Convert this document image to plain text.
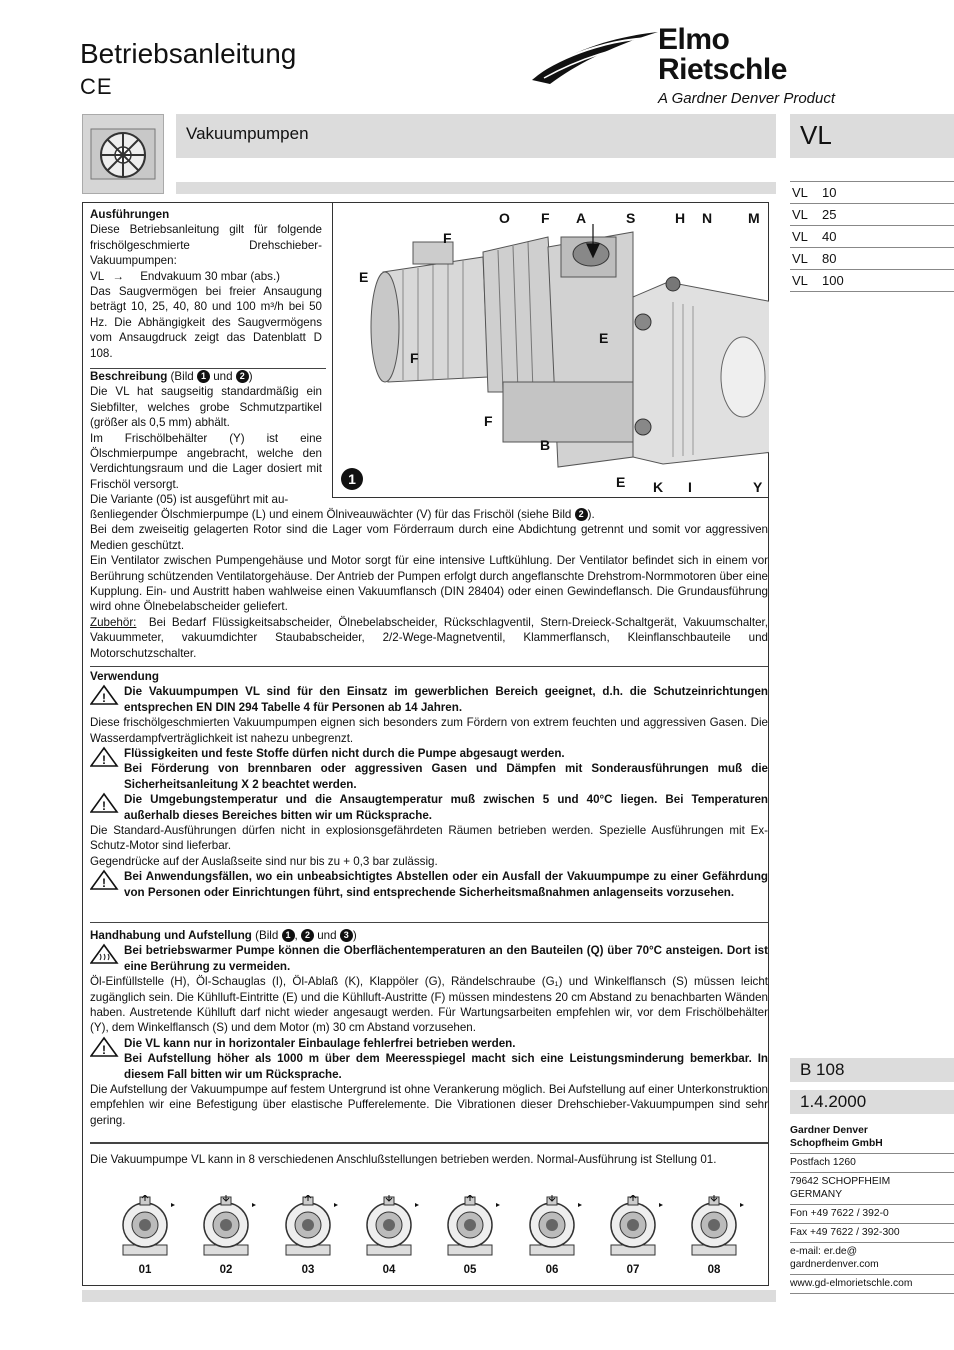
Betriebsanleitung
CE
Elmo
Rietschle
A Gardner Denver Product
Vakuumpumpen	VL
VL 10
VL 25
VL 40
VL 80
VL 100
Ausführungen
Diese Betriebsanleitung gilt für folgende frischölgeschmierte Drehschieber-Vakuumpumpen:
VL → Endvakuum 30 mbar (abs.)
Das Saugvermögen bei freier Ansaugung beträgt 10, 25, 40, 80 und 100 m³/h bei 50 Hz. Die Abhängigkeit des Saugvermögens vom Ansaugdruck zeigt das Datenblatt D 108.
Beschreibung (Bild 1 und 2 )
Die VL hat saugseitig standardmäßig ein Siebfilter, welches grobe Schmutzpartikel (größer als 0,5 mm) abhält.
Im Frischölbehälter (Y) ist eine Ölschmierpumpe angebracht, welche den Verdichtungsraum und die Lager dosiert mit Frischöl versorgt.
Die Variante (05) ist ausgeführt mit au-
O F A	S	H N	M
F
E
F
E
F
B
E K I	Y
1
ßenliegender Ölschmierpumpe (L) und einem Ölniveauwächter (V) für das Frischöl (siehe Bild 2 ).
Bei dem zweiseitig gelagerten Rotor sind die Lager vom Förderraum durch eine Abdichtung getrennt und somit vor aggressiven Medien geschützt.
Ein Ventilator zwischen Pumpengehäuse und Motor sorgt für eine intensive Luftkühlung. Der Ventilator befindet sich in einem vor Berührung schützenden Ventilatorgehäuse. Der Antrieb der Pumpen erfolgt durch angeflanschte Drehstrom-Normmotoren über eine Kupplung. Ein- und Austritt haben wahlweise einen Vakuumflansch (DIN 28404) oder einen Gewindeflansch. Die Grundausführung wird ohne Ölnebelabscheider geliefert.
Zubehör: Bei Bedarf Flüssigkeitsabscheider, Ölnebelabscheider, Rückschlagventil, Stern-Dreieck-Schaltgerät, Vakuumschalter, Vakuummeter, vakuumdichter Staubabscheider, 2/2-Wege-Magnetventil, Klammerflansch, Kleinflanschbauteile und Motorschutzschalter.
Verwendung
! Die Vakuumpumpen VL sind für den Einsatz im gewerblichen Bereich geeignet, d.h. die Schutzeinrichtungen entsprechen EN DIN 294 Tabelle 4 für Personen ab 14 Jahren.
Diese frischölgeschmierten Vakuumpumpen eignen sich besonders zum Fördern von extrem feuchten und aggressiven Gasen. Die Wasserdampfverträglichkeit ist nahezu unbegrenzt.
! Flüssigkeiten und feste Stoffe dürfen nicht durch die Pumpe abgesaugt werden.
Bei Förderung von brennbaren oder aggressiven Gasen und Dämpfen mit Sonderausführungen muß die Sicherheitsanleitung X 2 beachtet werden.
! Die Umgebungstemperatur und die Ansaugtemperatur muß zwischen 5 und 40°C liegen. Bei Temperaturen außerhalb dieses Bereiches bitten wir um Rücksprache.
Die Standard-Ausführungen dürfen nicht in explosionsgefährdeten Räumen betrieben werden. Spezielle Ausführungen mit Ex-Schutz-Motor sind lieferbar.
Gegendrücke auf der Auslaßseite sind nur bis zu + 0,3 bar zulässig.
! Bei Anwendungsfällen, wo ein unbeabsichtigtes Abstellen oder ein Ausfall der Vakuumpumpe zu einer Gefährdung von Personen oder Einrichtungen führt, sind entsprechende Sicherheitsmaßnahmen anlagenseits vorzusehen.
Handhabung und Aufstellung (Bild 1 , 2 und 3 )
Bei betriebswarmer Pumpe können die Oberflächentemperaturen an den Bauteilen (Q) über 70°C ansteigen. Dort ist eine Berührung zu vermeiden.
Öl-Einfüllstelle (H), Öl-Schauglas (I), Öl-Ablaß (K), Klappöler (G), Rändelschraube (G₁) und Winkelflansch (S) müssen leicht zugänglich sein. Die Kühlluft-Eintritte (E) und die Kühlluft-Austritte (F) müssen mindestens 20 cm Abstand zu benachbarten Wänden haben. Austretende Kühlluft darf nicht wieder angesaugt werden. Für Wartungsarbeiten empfehlen wir, vor dem Frischölbehälter (Y), dem Winkelflansch (S) und dem Motor (m) 30 cm Abstand vorzusehen.
! Die VL kann nur in horizontaler Einbaulage fehlerfrei betrieben werden.
Bei Aufstellung höher als 1000 m über dem Meeresspiegel macht sich eine Leistungsminderung bemerkbar. In diesem Fall bitten wir um Rücksprache.
Die Aufstellung der Vakuumpumpe auf festem Untergrund ist ohne Verankerung möglich. Bei Aufstellung auf einer Unterkonstruktion empfehlen wir eine Befestigung über elastische Pufferelemente. Die Vibrationen dieser Drehschieber-Vakuumpumpen sind sehr gering.
Die Vakuumpumpe VL kann in 8 verschiedenen Anschlußstellungen betrieben werden. Normal-Ausführung ist Stellung 01.
01	02	03	04	05	06	07	08
B 108
1.4.2000
Gardner Denver
Schopfheim GmbH
Postfach 1260
79642 SCHOPFHEIM
GERMANY
Fon +49 7622 / 392-0
Fax +49 7622 / 392-300
e-mail: er.de@
gardnerdenver.com
www.gd-elmorietschle.com
